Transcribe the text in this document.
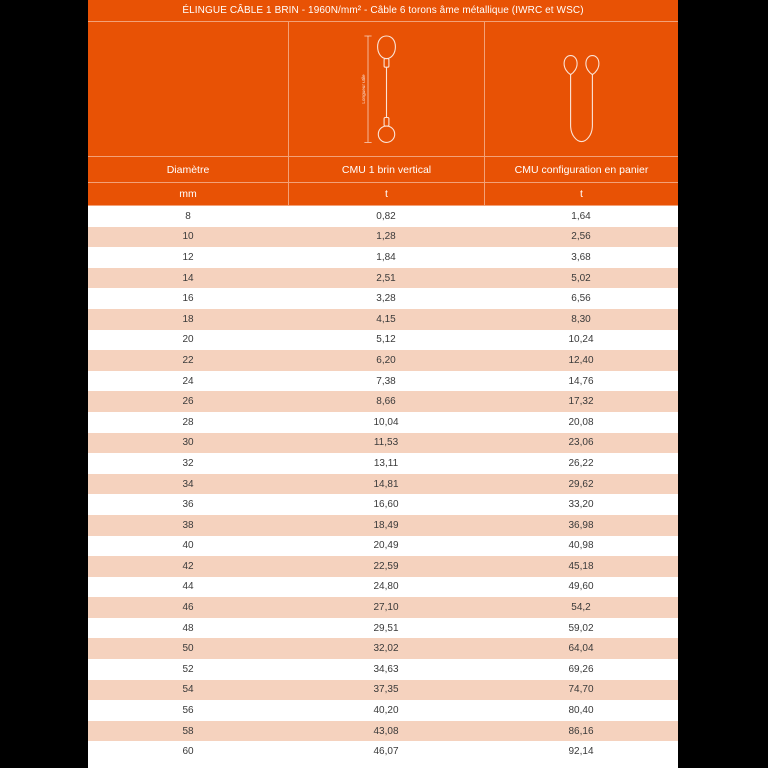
ÉLINGUE CÂBLE 1 BRIN - 1960N/mm² - Câble 6 torons âme métallique (IWRC et WSC)
Longueur utile
Diamètre	CMU 1 brin vertical	CMU configuration en panier
mm	t	t
8	0,82	1,64
10	1,28	2,56
12	1,84	3,68
14	2,51	5,02
16	3,28	6,56
18	4,15	8,30
20	5,12	10,24
22	6,20	12,40
24	7,38	14,76
26	8,66	17,32
28	10,04	20,08
30	11,53	23,06
32	13,11	26,22
34	14,81	29,62
36	16,60	33,20
38	18,49	36,98
40	20,49	40,98
42	22,59	45,18
44	24,80	49,60
46	27,10	54,2
48	29,51	59,02
50	32,02	64,04
52	34,63	69,26
54	37,35	74,70
56	40,20	80,40
58	43,08	86,16
60	46,07	92,14
